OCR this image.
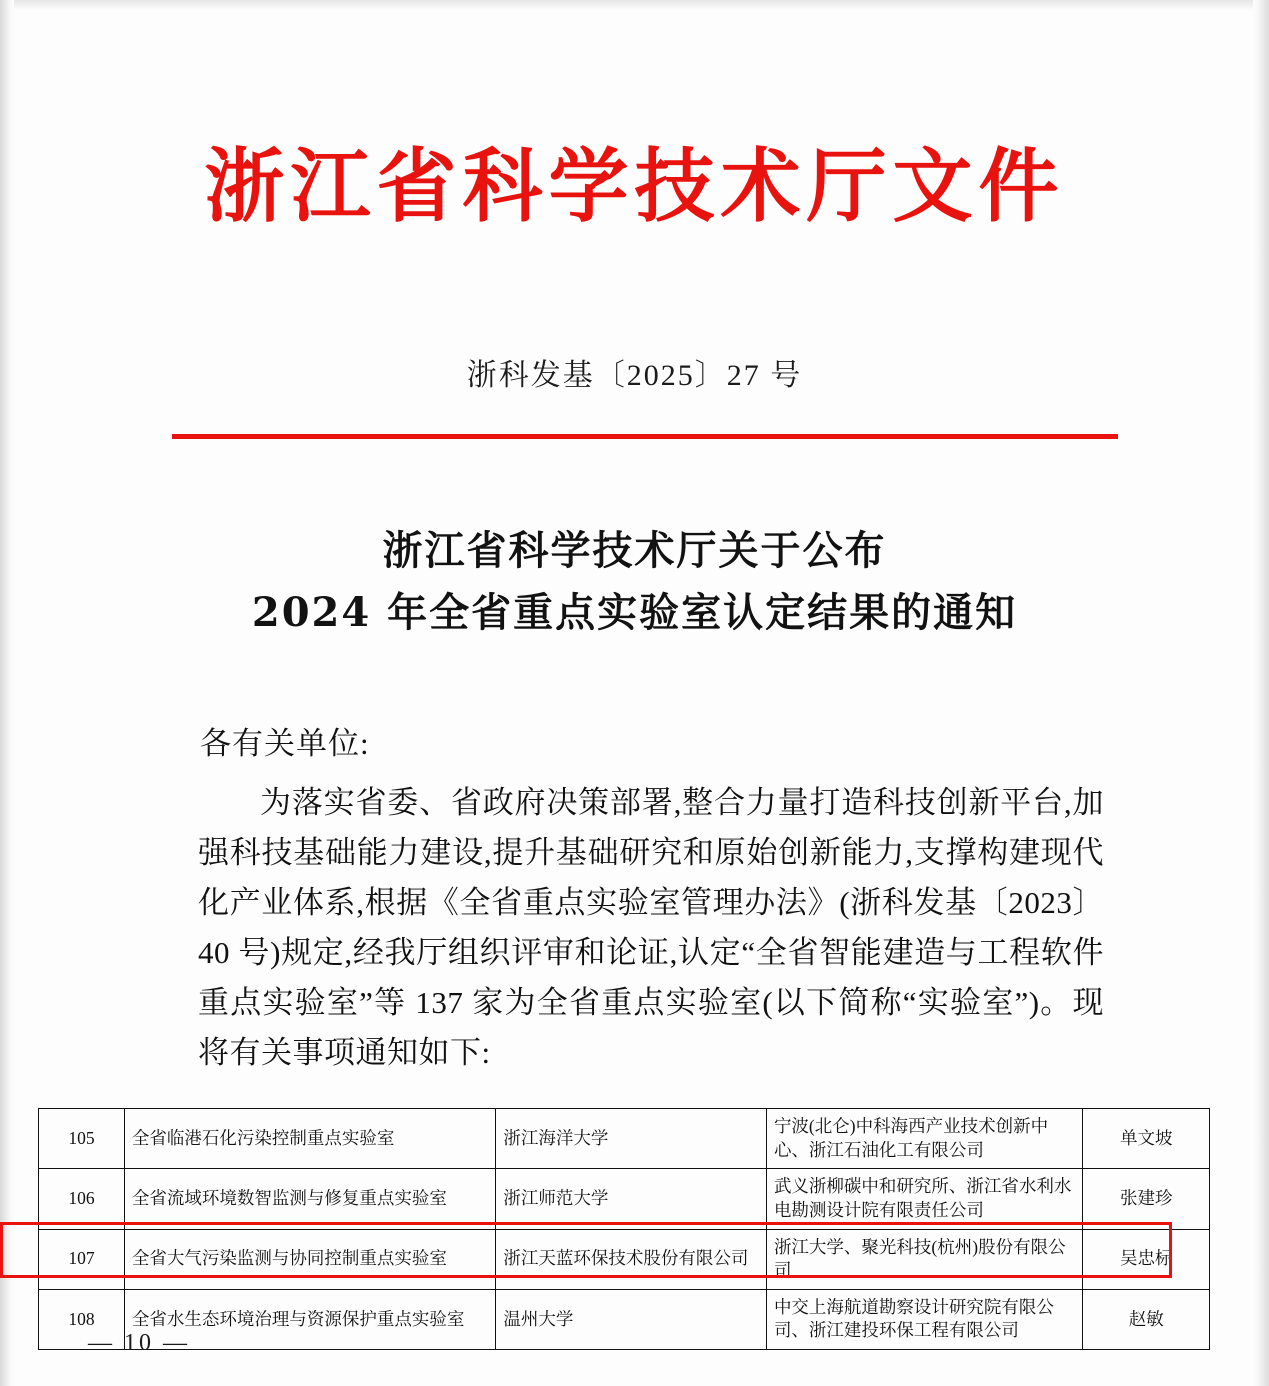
浙江省科学技术厅文件
浙科发基〔2025〕27 号
浙江省科学技术厅关于公布
2024 年全省重点实验室认定结果的通知
各有关单位:

为落实省委、省政府决策部署,整合力量打造科技创新平台,加强科技基础能力建设,提升基础研究和原始创新能力,支撑构建现代化产业体系,根据《全省重点实验室管理办法》(浙科发基〔2023〕40 号)规定,经我厅组织评审和论证,认定“全省智能建造与工程软件重点实验室”等 137 家为全省重点实验室(以下简称“实验室”)。现将有关事项通知如下:

105	全省临港石化污染控制重点实验室	浙江海洋大学	宁波(北仑)中科海西产业技术创新中心、浙江石油化工有限公司	单文坡
106	全省流域环境数智监测与修复重点实验室	浙江师范大学	武义浙柳碳中和研究所、浙江省水利水电勘测设计院有限责任公司	张建珍
107	全省大气污染监测与协同控制重点实验室	浙江天蓝环保技术股份有限公司	浙江大学、聚光科技(杭州)股份有限公司	吴忠标
108	全省水生态环境治理与资源保护重点实验室	温州大学	中交上海航道勘察设计研究院有限公司、浙江建投环保工程有限公司	赵敏
— 10 —
